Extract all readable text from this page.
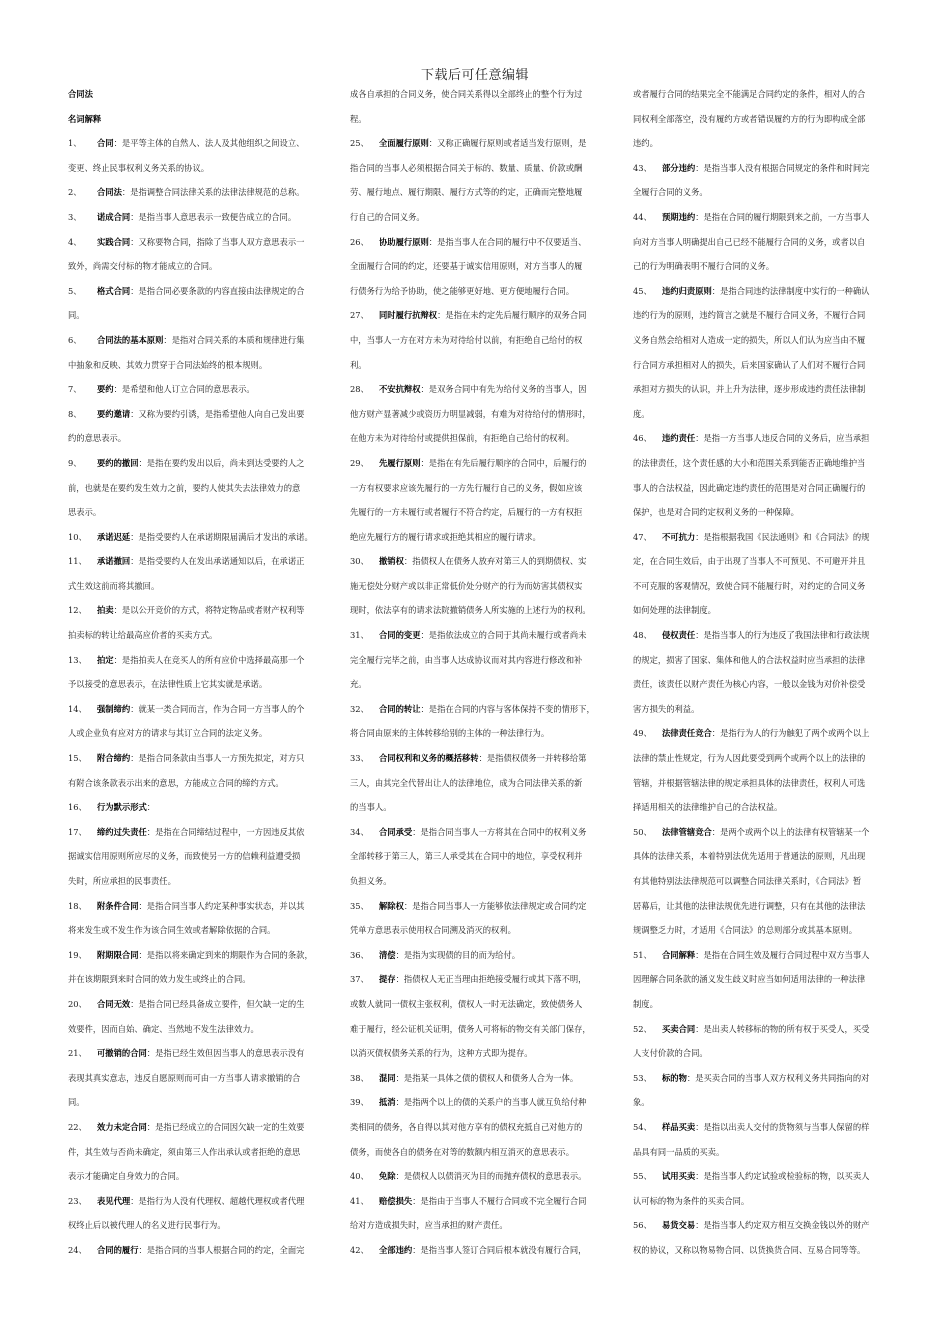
下载后可任意编辑
合同法
名词解释
1、 合同：是平等主体的自然人、法人及其他组织之间设立、
变更、终止民事权利义务关系的协议。
2、 合同法：是指调整合同法律关系的法律法律规范的总称。
3、 诺成合同：是指当事人意思表示一致便告成立的合同。
4、 实践合同：又称要物合同，指除了当事人双方意思表示一
致外，尚需交付标的物才能成立的合同。
5、 格式合同：是指合同必要条款的内容直接由法律规定的合
同。
6、 合同法的基本原则：是指对合同关系的本质和规律进行集
中抽象和反映、其效力贯穿于合同法始终的根本规则。
7、 要约：是希望和他人订立合同的意思表示。
8、 要约邀请：又称为要约引诱，是指希望他人向自己发出要
约的意思表示。
9、 要约的撤回：是指在要约发出以后，尚未到达受要约人之
前，也就是在要约发生效力之前，要约人使其失去法律效力的意
思表示。
10、 承诺迟延：是指受要约人在承诺期限届满后才发出的承诺。
11、 承诺撤回：是指受要约人在发出承诺通知以后，在承诺正
式生效这前而将其撤回。
12、 拍卖：是以公开竞价的方式，将特定物品或者财产权利等
拍卖标的转让给最高应价者的买卖方式。
13、 拍定：是指拍卖人在竞买人的所有应价中选择最高那一个
予以接受的意思表示，在法律性质上它其实就是承诺。
14、 强制缔约：就某一类合同而言，作为合同一方当事人的个
人或企业负有应对方的请求与其订立合同的法定义务。
15、 附合缔约：是指合同条款由当事人一方预先拟定，对方只
有附合该条款表示出来的意思，方能成立合同的缔约方式。
16、 行为默示形式：
17、 缔约过失责任：是指在合同缔结过程中，一方因违反其依
据诚实信用原则所应尽的义务，而致使另一方的信赖利益遭受损
失时，所应承担的民事责任。
18、 附条件合同：是指合同当事人约定某种事实状态，并以其
将来发生或不发生作为该合同生效或者解除依据的合同。
19、 附期限合同：是指以将来确定到来的期限作为合同的条款，
并在该期限到来时合同的效力发生或终止的合同。
20、 合同无效：是指合同已经具备成立要件，但欠缺一定的生
效要件，因而自始、确定、当然地不发生法律效力。
21、 可撤销的合同：是指已经生效但因当事人的意思表示没有
表现其真实意志，违反自愿原则而可由一方当事人请求撤销的合
同。
22、 效力未定合同：是指已经成立的合同因欠缺一定的生效要
件，其生效与否尚未确定，须由第三人作出承认或者拒绝的意思
表示才能确定自身效力的合同。
23、 表见代理：是指行为人没有代理权、超越代理权或者代理
权终止后以被代理人的名义进行民事行为。
24、 合同的履行：是指合同的当事人根据合同的约定，全面完
成各自承担的合同义务，使合同关系得以全部终止的整个行为过
程。
25、 全面履行原则：又称正确履行原则或者适当发行原则，是
指合同的当事人必须根据合同关于标的、数量、质量、价款或酬
劳、履行地点、履行期限、履行方式等的约定，正确而完整地履
行自己的合同义务。
26、 协助履行原则：是指当事人在合同的履行中不仅要适当、
全面履行合同的约定，还要基于诚实信用原则，对方当事人的履
行债务行为给予协助，使之能够更好地、更方便地履行合同。
27、 同时履行抗辩权：是指在未约定先后履行顺序的双务合同
中，当事人一方在对方未为对待给付以前，有拒绝自己给付的权
利。
28、 不安抗辩权：是双务合同中有先为给付义务的当事人，因
他方财产显著减少或资历力明显减弱，有难为对待给付的情形时，
在他方未为对待给付或提供担保前，有拒绝自己给付的权利。
29、 先履行原则：是指在有先后履行顺序的合同中，后履行的
一方有权要求应该先履行的一方先行履行自己的义务，假如应该
先履行的一方未履行或者履行不符合约定，后履行的一方有权拒
绝应先履行方的履行请求或拒绝其相应的履行请求。
30、 撤销权：指债权人在债务人放弃对第三人的到期债权、实
施无偿处分财产或以非正常低价处分财产的行为而妨害其债权实
现时，依法享有的请求法院撤销债务人所实施的上述行为的权利。
31、 合同的变更：是指依法成立的合同于其尚未履行或者尚未
完全履行完毕之前，由当事人达成协议而对其内容进行修改和补
充。
32、 合同的转让：是指在合同的内容与客体保持不变的情形下，
将合同由原来的主体转移给别的主体的一种法律行为。
33、 合同权利和义务的概括移转：是指债权债务一并转移给第
三人，由其完全代替出让人的法律地位，成为合同法律关系的新
的当事人。
34、 合同承受：是指合同当事人一方将其在合同中的权利义务
全部转移于第三人，第三人承受其在合同中的地位，享受权利并
负担义务。
35、 解除权：是指合同当事人一方能够依法律规定或合同约定
凭单方意思表示使用权合同溯及消灭的权利。
36、 清偿：是指为实现债的目的而为给付。
37、 提存：指债权人无正当理由拒绝接受履行或其下落不明，
或数人就同一债权主张权利，债权人一时无法确定，致使债务人
难于履行，经公证机关证明，债务人可将标的物交有关部门保存，
以消灭债权债务关系的行为，这种方式即为提存。
38、 混同：是指某一具体之债的债权人和债务人合为一体。
39、 抵消：是指两个以上的债的关系户的当事人就互负给付种
类相同的债务，各自得以其对他方享有的债权充抵自己对他方的
债务，而使各自的债务在对等的数额内相互消灭的意思表示。
40、 免除：是债权人以债消灭为目的而抛弃债权的意思表示。
41、 赔偿损失：是指由于当事人不履行合同或不完全履行合同
给对方造成损失时，应当承担的财产责任。
42、 全部违约：是指当事人签订合同后根本就没有履行合同，
或者履行合同的结果完全不能满足合同约定的条件，相对人的合
同权利全部落空，没有履约方或者错误履约方的行为即构成全部
违约。
43、 部分违约：是指当事人没有根据合同规定的条件和时间完
全履行合同的义务。
44、 预期违约：是指在合同的履行期限到来之前，一方当事人
向对方当事人明确提出自己已经不能履行合同的义务，或者以自
己的行为明确表明不履行合同的义务。
45、 违约归责原则：是指合同违约法律制度中实行的一种确认
违约行为的原则，违约简言之就是不履行合同义务，不履行合同
义务自然会给相对人造成一定的损失，所以人们认为应当由不履
行合同方承担相对人的损失，后来国家确认了人们对不履行合同
承担对方损失的认识，并上升为法律，逐步形成违约责任法律制
度。
46、 违约责任：是指一方当事人违反合同的义务后，应当承担
的法律责任，这个责任感的大小和范围关系到能否正确地维护当
事人的合法权益，因此确定违约责任的范围是对合同正确履行的
保护，也是对合同约定权利义务的一种保障。
47、 不可抗力：是指根据我国《民法通则》和《合同法》的规
定，在合同生效后，由于出现了当事人不可预见、不可避开并且
不可克服的客观情况，致使合同不能履行时，对约定的合同义务
如何处理的法律制度。
48、 侵权责任：是指当事人的行为违反了我国法律和行政法规
的规定，损害了国家、集体和他人的合法权益时应当承担的法律
责任，该责任以财产责任为核心内容，一般以金钱为对价补偿受
害方损失的利益。
49、 法律责任竞合：是指行为人的行为触犯了两个或两个以上
法律的禁止性规定，行为人因此要受到两个或两个以上的法律的
管辖，并根据管辖法律的规定承担具体的法律责任，权利人可选
择适用相关的法律维护自己的合法权益。
50、 法律管辖竞合：是两个或两个以上的法律有权管辖某一个
具体的法律关系，本着特别法优先适用于普通法的原则，凡出现
有其他特别法法律规范可以调整合同法律关系时，《合同法》暂
居幕后，让其他的法律法规优先进行调整，只有在其他的法律法
规调整乏力时，才适用《合同法》的总则部分或其基本原则。
51、 合同解释：是指在合同生效及履行合同过程中双方当事人
因理解合同条款的涵义发生歧义时应当如何适用法律的一种法律
制度。
52、 买卖合同：是出卖人转移标的物的所有权于买受人，买受
人支付价款的合同。
53、 标的物：是买卖合同的当事人双方权利义务共同指向的对
象。
54、 样品买卖：是指以出卖人交付的货物须与当事人保留的样
品具有同一品质的买卖。
55、 试用买卖：是指当事人约定试验或检验标的物，以买卖人
认可标的物为条件的买卖合同。
56、 易货交易：是指当事人约定双方相互交换金钱以外的财产
权的协议，又称以物易物合同、以货换货合同、互易合同等等。
